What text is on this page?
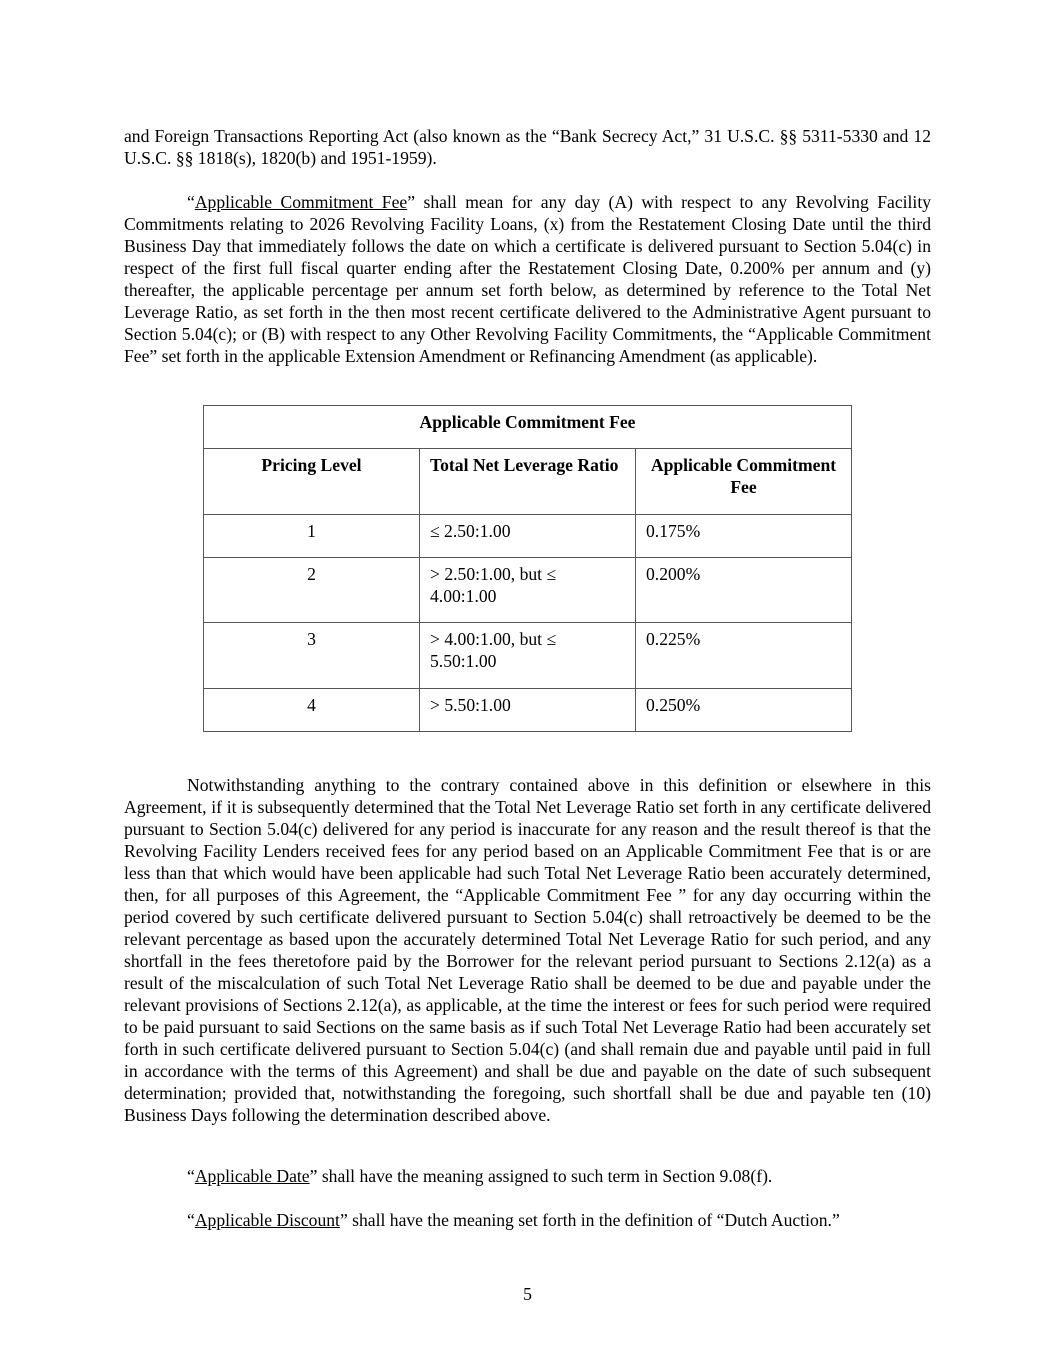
and Foreign Transactions Reporting Act (also known as the “Bank Secrecy Act,” 31 U.S.C. §§ 5311-5330 and 12 U.S.C. §§ 1818(s), 1820(b) and 1951-1959).

“Applicable Commitment Fee” shall mean for any day (A) with respect to any Revolving Facility Commitments relating to 2026 Revolving Facility Loans, (x) from the Restatement Closing Date until the third Business Day that immediately follows the date on which a certificate is delivered pursuant to Section 5.04(c) in respect of the first full fiscal quarter ending after the Restatement Closing Date, 0.200% per annum and (y) thereafter, the applicable percentage per annum set forth below, as determined by reference to the Total Net Leverage Ratio, as set forth in the then most recent certificate delivered to the Administrative Agent pursuant to Section 5.04(c); or (B) with respect to any Other Revolving Facility Commitments, the “Applicable Commitment Fee” set forth in the applicable Extension Amendment or Refinancing Amendment (as applicable).

Applicable Commitment Fee		
Pricing Level	Total Net Leverage Ratio	Applicable Commitment Fee
1	≤ 2.50:1.00	0.175%
2	> 2.50:1.00, but ≤ 4.00:1.00	0.200%
3	> 4.00:1.00, but ≤ 5.50:1.00	0.225%
4	> 5.50:1.00	0.250%

Notwithstanding anything to the contrary contained above in this definition or elsewhere in this Agreement, if it is subsequently determined that the Total Net Leverage Ratio set forth in any certificate delivered pursuant to Section 5.04(c) delivered for any period is inaccurate for any reason and the result thereof is that the Revolving Facility Lenders received fees for any period based on an Applicable Commitment Fee that is or are less than that which would have been applicable had such Total Net Leverage Ratio been accurately determined, then, for all purposes of this Agreement, the “Applicable Commitment Fee ” for any day occurring within the period covered by such certificate delivered pursuant to Section 5.04(c) shall retroactively be deemed to be the relevant percentage as based upon the accurately determined Total Net Leverage Ratio for such period, and any shortfall in the fees theretofore paid by the Borrower for the relevant period pursuant to Sections 2.12(a) as a result of the miscalculation of such Total Net Leverage Ratio shall be deemed to be due and payable under the relevant provisions of Sections 2.12(a), as applicable, at the time the interest or fees for such period were required to be paid pursuant to said Sections on the same basis as if such Total Net Leverage Ratio had been accurately set forth in such certificate delivered pursuant to Section 5.04(c) (and shall remain due and payable until paid in full in accordance with the terms of this Agreement) and shall be due and payable on the date of such subsequent determination; provided that, notwithstanding the foregoing, such shortfall shall be due and payable ten (10) Business Days following the determination described above.

“Applicable Date” shall have the meaning assigned to such term in Section 9.08(f).

“Applicable Discount” shall have the meaning set forth in the definition of “Dutch Auction.”

5
